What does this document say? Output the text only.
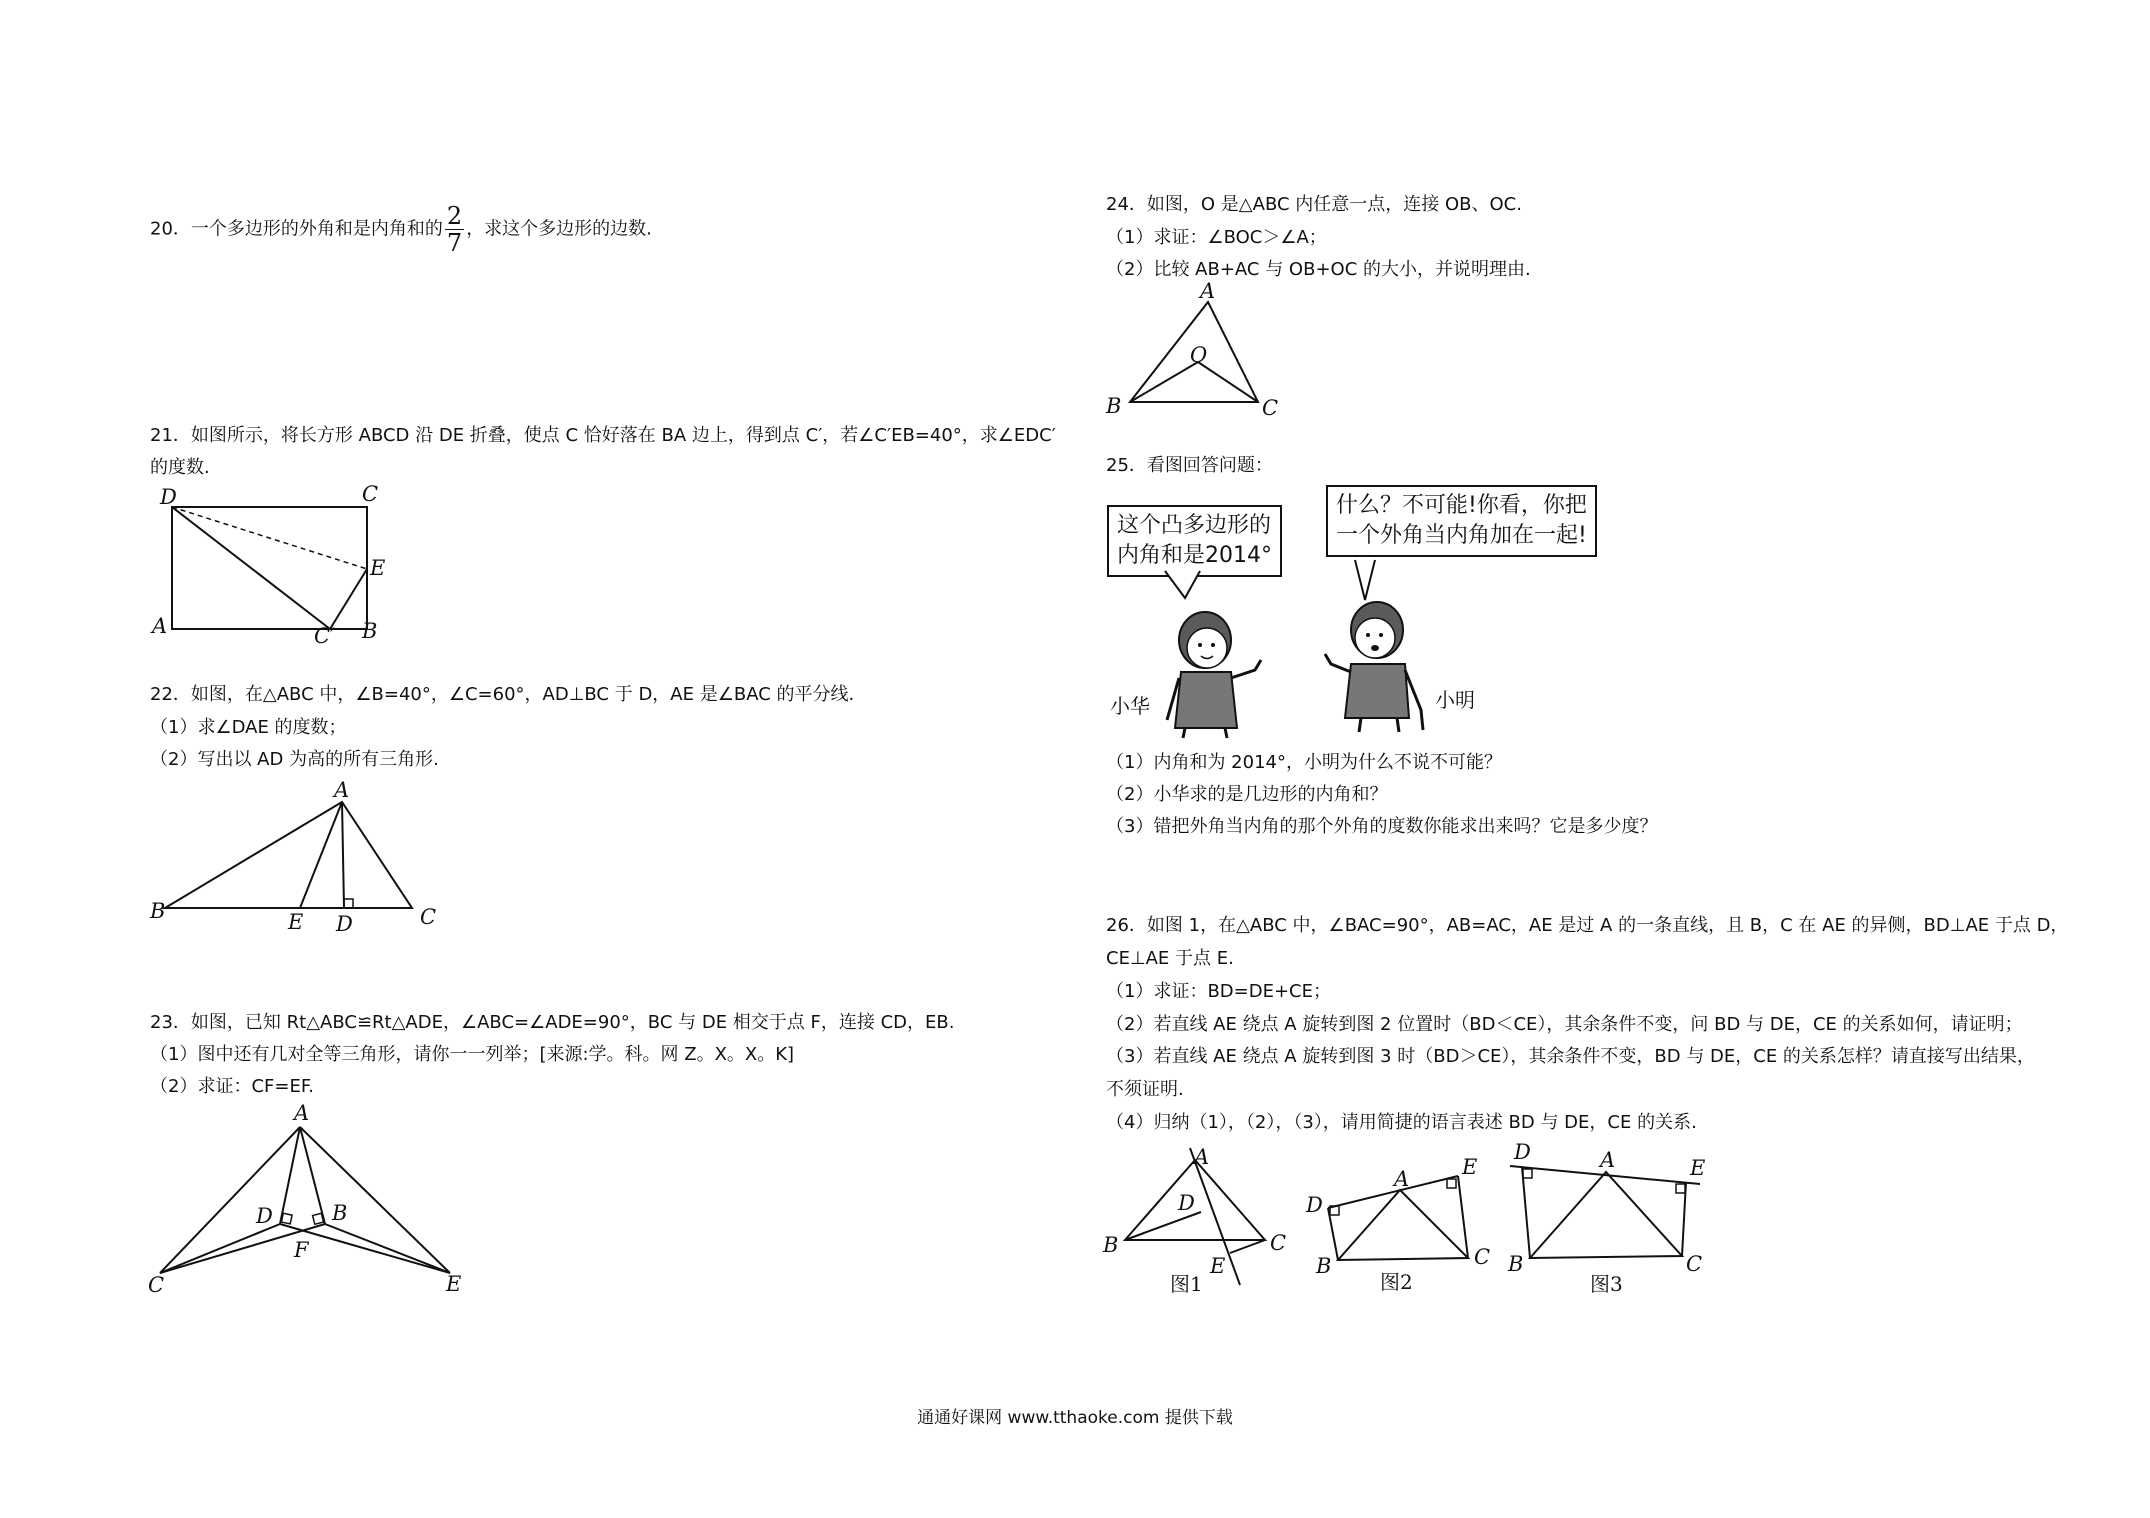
20．一个多边形的外角和是内角和的 $\frac{2}{7}$ ，求这个多边形的边数.
21．如图所示，将长方形 ABCD 沿 DE 折叠，使点 C 恰好落在 BA 边上，得到点 C′，若∠C′EB=40°，求∠EDC′
的度数.
D	C
E
A	C′ B
22．如图，在△ABC 中，∠B=40°，∠C=60°，AD⊥BC 于 D，AE 是∠BAC 的平分线.
（1）求∠DAE 的度数；
（2）写出以 AD 为高的所有三角形.
A
B	E D	C
23．如图，已知 Rt△ABC≌Rt△ADE，∠ABC=∠ADE=90°，BC 与 DE 相交于点 F，连接 CD，EB.
（1）图中还有几对全等三角形，请你一一列举；[来源:学。科。网 Z。X。X。K]
（2）求证：CF=EF.
A
D	B
F
C	E
24．如图，O 是△ABC 内任意一点，连接 OB、OC.
（1）求证：∠BOC＞∠A；
（2）比较 AB+AC 与 OB+OC 的大小，并说明理由.
A
O
B	C
25．看图回答问题：
这个凸多边形的
内角和是2014°
什么？不可能!你看，你把
一个外角当内角加在一起!
小华	小明
（1）内角和为 2014°，小明为什么不说不可能？
（2）小华求的是几边形的内角和？
（3）错把外角当内角的那个外角的度数你能求出来吗？它是多少度？
26．如图 1，在△ABC 中，∠BAC=90°，AB=AC，AE 是过 A 的一条直线，且 B，C 在 AE 的异侧，BD⊥AE 于点 D，
CE⊥AE 于点 E.
（1）求证：BD=DE+CE；
（2）若直线 AE 绕点 A 旋转到图 2 位置时（BD＜CE），其余条件不变，问 BD 与 DE，CE 的关系如何，请证明；
（3）若直线 AE 绕点 A 旋转到图 3 时（BD＞CE），其余条件不变，BD 与 DE，CE 的关系怎样？请直接写出结果，
不须证明.
（4）归纳（1），（2），（3），请用简捷的语言表述 BD 与 DE，CE 的关系.
A
D
B	C
E
图1
D
A	E
B	C
图2
D	A	E
B	C
图3
通通好课网 www.tthaoke.com 提供下载
